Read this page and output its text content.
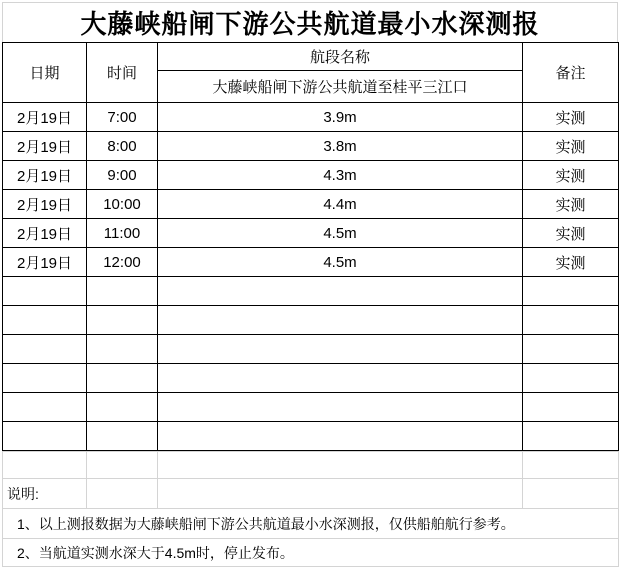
大藤峡船闸下游公共航道最小水深测报
日期	时间	航段名称	备注
		大藤峡船闸下游公共航道至桂平三江口	
2月19日	7:00	3.9m	实测
2月19日	8:00	3.8m	实测
2月19日	9:00	4.3m	实测
2月19日	10:00	4.4m	实测
2月19日	11:00	4.5m	实测
2月19日	12:00	4.5m	实测

说明:			
1、以上测报数据为大藤峡船闸下游公共航道最小水深测报，仅供船舶航行参考。			
2、当航道实测水深大于4.5m时，停止发布。			
